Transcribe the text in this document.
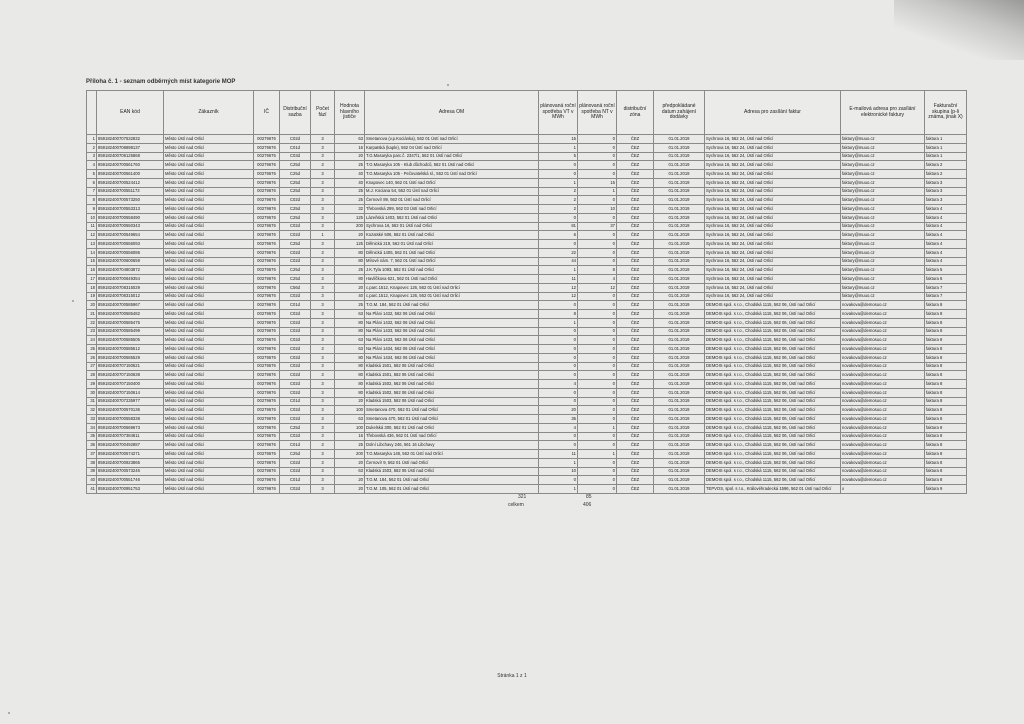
Příloha č. 1 - seznam odběrných míst kategorie MOP
	EAN kód	Zákazník	IČ	Distribuční sazba	Počet fází	Hodnota hlavního jističe	Adresa OM	plánovaná roční spotřeba VT v MWh	plánovaná roční spotřeba NT v MWh	distribuční zóna	předpokládané datum zahájení dodávky	Adresa pro zasílání faktur	E-mailová adresa pro zasílání elektronické faktury	Fakturační skupina (p-li známa, jinak X)
1	859182400707532832	Město Ústí nad Orlicí	00279676	C02d	3	63	Smetanova (v.p.Kociánka), 562 01 Ústí nad Orlicí	15	0	ČEZ	01.01.2019	Sychrova 16, 562 24, Ústí nad Orlicí	faktury@muuo.cz	faktura 1
2	859182400708898137	Město Ústí nad Orlicí	00279676	C01d	3	16	Karpatská (kaple), 562 04 Ústí nad Orlicí	1	0	ČEZ	01.01.2019	Sychrova 16, 562 24, Ústí nad Orlicí	faktury@muuo.cz	faktura 1
3	859182400708125868	Město Ústí nad Orlicí	00279676	C03d	3	20	T.G.Masaryka parc.č. 2347/1, 562 01 Ústí nad Orlicí	5	0	ČEZ	01.01.2019	Sychrova 16, 562 24, Ústí nad Orlicí	faktury@muuo.cz	faktura 1
4	859182400700561760	Město Ústí nad Orlicí	00279676	C25d	3	25	T.G.Masaryka 105 - Klub důchodců, 562 01 Ústí nad Orlicí	0	0	ČEZ	01.01.2019	Sychrova 16, 562 24, Ústí nad Orlicí	faktury@muuo.cz	faktura 2
5	859182400700561400	Město Ústí nad Orlicí	00279676	C25d	3	40	T.G.Masaryka 105 - Pečovatelská sl., 562 01 Ústí nad Orlicí	0	0	ČEZ	01.01.2019	Sychrova 16, 562 24, Ústí nad Orlicí	faktury@muuo.cz	faktura 2
6	859182400700524412	Město Ústí nad Orlicí	00279676	C25d	3	40	Knapovec 140, 562 01 Ústí nad Orlicí	1	15	ČEZ	01.01.2019	Sychrova 16, 562 24, Ústí nad Orlicí	faktury@muuo.cz	faktura 3
7	859182400700551173	Město Ústí nad Orlicí	00279676	C25d	3	25	M.J. Kociana 54, 562 01 Ústí nad Orlicí	2	1	ČEZ	01.01.2019	Sychrova 16, 562 24, Ústí nad Orlicí	faktury@muuo.cz	faktura 3
8	859182400700573250	Město Ústí nad Orlicí	00279676	C02d	3	25	Černovír 89, 562 01 Ústí nad Orlicí	2	0	ČEZ	01.01.2019	Sychrova 16, 562 24, Ústí nad Orlicí	faktury@muuo.cz	faktura 3
9	859182400700553313	Město Ústí nad Orlicí	00279676	C25d	3	32	Třebovská 299, 562 03 Ústí nad Orlicí	2	10	ČEZ	01.01.2019	Sychrova 16, 562 24, Ústí nad Orlicí	faktury@muuo.cz	faktura 4
10	859182400700558490	Město Ústí nad Orlicí	00279676	C25d	3	125	Lázeňská 1403, 562 01 Ústí nad Orlicí	0	0	ČEZ	01.01.2019	Sychrova 16, 562 24, Ústí nad Orlicí	faktury@muuo.cz	faktura 4
11	859182400700550343	Město Ústí nad Orlicí	00279676	C02d	3	200	Sychrova 16, 562 01 Ústí nad Orlicí	81	37	ČEZ	01.01.2019	Sychrova 16, 562 24, Ústí nad Orlicí	faktury@muuo.cz	faktura 4
12	859182400700549654	Město Ústí nad Orlicí	00279676	C02d	1	20	Kozatské 506, 562 01 Ústí nad Orlicí	6	0	ČEZ	01.01.2019	Sychrova 16, 562 24, Ústí nad Orlicí	faktury@muuo.cz	faktura 4
13	859182400700556093	Město Ústí nad Orlicí	00279676	C25d	3	125	Dělnická 219, 562 01 Ústí nad Orlicí	0	0	ČEZ	01.01.2019	Sychrova 16, 562 24, Ústí nad Orlicí	faktury@muuo.cz	faktura 4
14	859182400700556086	Město Ústí nad Orlicí	00279676	C02d	3	80	Dělnická 1405, 562 01 Ústí nad Orlicí	22	0	ČEZ	01.01.2019	Sychrova 16, 562 24, Ústí nad Orlicí	faktury@muuo.cz	faktura 4
15	859182400700600659	Město Ústí nad Orlicí	00279676	C02d	3	80	Mírové nám. 7, 562 01 Ústí nad Orlicí	44	0	ČEZ	01.01.2019	Sychrova 16, 562 24, Ústí nad Orlicí	faktury@muuo.cz	faktura 4
16	859182400704803872	Město Ústí nad Orlicí	00279676	C25d	3	25	J.K.Tyla 1093, 562 01 Ústí nad Orlicí	1	8	ČEZ	01.01.2019	Sychrova 16, 562 24, Ústí nad Orlicí	faktury@muuo.cz	faktura 5
17	859182400700649354	Město Ústí nad Orlicí	00279676	C25d	3	80	Havlíčkova 621, 562 01 Ústí nad Orlicí	11	4	ČEZ	01.01.2019	Sychrova 16, 562 24, Ústí nad Orlicí	faktury@muuo.cz	faktura 6
18	859182400708315029	Město Ústí nad Orlicí	00279676	C56d	3	20	c.parc.1512, Knapovec 126, 562 01 Ústí nad Orlicí	12	12	ČEZ	01.01.2019	Sychrova 16, 562 24, Ústí nad Orlicí	faktury@muuo.cz	faktura 7
19	859182400708315012	Město Ústí nad Orlicí	00279676	C02d	3	40	c.parc.1512, Knapovec 126, 562 01 Ústí nad Orlicí	12	0	ČEZ	01.01.2019	Sychrova 16, 562 24, Ústí nad Orlicí	faktury@muuo.cz	faktura 7
20	859182400700585967	Město Ústí nad Orlicí	00279676	C01d	3	25	T.G.M. 184, 562 01 Ústí nad Orlicí	0	0	ČEZ	01.01.2019	DEMOIS spol. s r.o., Chodská 1115, 562 06, Ústí nad Orlicí	novakova@demosuo.cz	faktura 8
21	859182400700585482	Město Ústí nad Orlicí	00279676	C02d	3	63	Na Pláni 1432, 562 06 Ústí nad Orlicí	8	0	ČEZ	01.01.2019	DEMOIS spol. s r.o., Chodská 1115, 562 06, Ústí nad Orlicí	novakova@demosuo.cz	faktura 8
22	859182400700585475	Město Ústí nad Orlicí	00279676	C02d	3	80	Na Pláni 1432, 562 06 Ústí nad Orlicí	1	0	ČEZ	01.01.2019	DEMOIS spol. s r.o., Chodská 1115, 562 06, Ústí nad Orlicí	novakova@demosuo.cz	faktura 8
23	859182400700585499	Město Ústí nad Orlicí	00279676	C02d	3	80	Na Pláni 1433, 562 06 Ústí nad Orlicí	0	0	ČEZ	01.01.2019	DEMOIS spol. s r.o., Chodská 1115, 562 06, Ústí nad Orlicí	novakova@demosuo.cz	faktura 8
24	859182400700585505	Město Ústí nad Orlicí	00279676	C02d	3	63	Na Pláni 1433, 562 06 Ústí nad Orlicí	0	0	ČEZ	01.01.2019	DEMOIS spol. s r.o., Chodská 1115, 562 06, Ústí nad Orlicí	novakova@demosuo.cz	faktura 8
25	859182400700585512	Město Ústí nad Orlicí	00279676	C02d	3	63	Na Pláni 1434, 562 06 Ústí nad Orlicí	0	0	ČEZ	01.01.2019	DEMOIS spol. s r.o., Chodská 1115, 562 06, Ústí nad Orlicí	novakova@demosuo.cz	faktura 8
26	859182400700585529	Město Ústí nad Orlicí	00279676	C02d	3	80	Na Pláni 1434, 562 06 Ústí nad Orlicí	0	0	ČEZ	01.01.2019	DEMOIS spol. s r.o., Chodská 1115, 562 06, Ústí nad Orlicí	novakova@demosuo.cz	faktura 8
27	859182400707150621	Město Ústí nad Orlicí	00279676	C02d	3	80	Kladská 1501, 562 06 Ústí nad Orlicí	0	0	ČEZ	01.01.2019	DEMOIS spol. s r.o., Chodská 1115, 562 06, Ústí nad Orlicí	novakova@demosuo.cz	faktura 8
28	859182400707150638	Město Ústí nad Orlicí	00279676	C02d	3	80	Kladská 1501, 562 06 Ústí nad Orlicí	0	0	ČEZ	01.01.2019	DEMOIS spol. s r.o., Chodská 1115, 562 06, Ústí nad Orlicí	novakova@demosuo.cz	faktura 8
29	859182400707150400	Město Ústí nad Orlicí	00279676	C02d	3	80	Kladská 1502, 562 06 Ústí nad Orlicí	4	0	ČEZ	01.01.2019	DEMOIS spol. s r.o., Chodská 1115, 562 06, Ústí nad Orlicí	novakova@demosuo.cz	faktura 8
30	859182400707150614	Město Ústí nad Orlicí	00279676	C02d	3	80	Kladská 1502, 562 06 Ústí nad Orlicí	0	0	ČEZ	01.01.2019	DEMOIS spol. s r.o., Chodská 1115, 562 06, Ústí nad Orlicí	novakova@demosuo.cz	faktura 8
31	859182400707235977	Město Ústí nad Orlicí	00279676	C01d	3	20	Kladská 1503, 562 06 Ústí nad Orlicí	0	0	ČEZ	01.01.2019	DEMOIS spol. s r.o., Chodská 1115, 562 06, Ústí nad Orlicí	novakova@demosuo.cz	faktura 8
32	859182400700570136	Město Ústí nad Orlicí	00279676	C02d	3	100	Smetanova 470, 562 01 Ústí nad Orlicí	20	0	ČEZ	01.01.2019	DEMOIS spol. s r.o., Chodská 1115, 562 06, Ústí nad Orlicí	novakova@demosuo.cz	faktura 8
33	859182400700558338	Město Ústí nad Orlicí	00279676	C02d	3	63	Smetanova 470, 562 01 Ústí nad Orlicí	35	0	ČEZ	01.01.2019	DEMOIS spol. s r.o., Chodská 1115, 562 06, Ústí nad Orlicí	novakova@demosuo.cz	faktura 8
34	859182400700569673	Město Ústí nad Orlicí	00279676	C25d	3	100	Dukelská 300, 562 01 Ústí nad Orlicí	4	1	ČEZ	01.01.2019	DEMOIS spol. s r.o., Chodská 1115, 562 06, Ústí nad Orlicí	novakova@demosuo.cz	faktura 8
35	859182400707384811	Město Ústí nad Orlicí	00279676	C02d	3	16	Třebovská 436, 562 01 Ústí nad Orlicí	0	0	ČEZ	01.01.2019	DEMOIS spol. s r.o., Chodská 1115, 562 06, Ústí nad Orlicí	novakova@demosuo.cz	faktura 8
36	859182400700492887	Město Ústí nad Orlicí	00279676	C01d	3	25	Dolní Libchavy 246, 561 16 Libchavy	0	0	ČEZ	01.01.2019	DEMOIS spol. s r.o., Chodská 1115, 562 06, Ústí nad Orlicí	novakova@demosuo.cz	faktura 8
37	859182400700574271	Město Ústí nad Orlicí	00279676	C25d	3	200	T.G.Masaryka 148, 562 01 Ústí nad Orlicí	11	1	ČEZ	01.01.2019	DEMOIS spol. s r.o., Chodská 1115, 562 06, Ústí nad Orlicí	novakova@demosuo.cz	faktura 8
38	859182400700923865	Město Ústí nad Orlicí	00279676	C02d	3	20	Černovír 9, 562 01 Ústí nad Orlicí	1	0	ČEZ	01.01.2019	DEMOIS spol. s r.o., Chodská 1115, 562 06, Ústí nad Orlicí	novakova@demosuo.cz	faktura 8
39	859182400700573246	Město Ústí nad Orlicí	00279676	C02d	3	63	Kladská 1503, 562 06 Ústí nad Orlicí	10	0	ČEZ	01.01.2019	DEMOIS spol. s r.o., Chodská 1115, 562 06, Ústí nad Orlicí	novakova@demosuo.cz	faktura 8
40	859182400700551746	Město Ústí nad Orlicí	00279676	C01d	3	20	T.G.M. 184, 562 01 Ústí nad Orlicí	0	0	ČEZ	01.01.2019	DEMOIS spol. s r.o., Chodská 1115, 562 06, Ústí nad Orlicí	novakova@demosuo.cz	faktura 8
41	859182400700951753	Město Ústí nad Orlicí	00279676	C02d	3	20	T.G.M. 105, 562 01 Ústí nad Orlicí	1	0	ČEZ	01.01.2019	TEPVOS, spol. s r.o., Královéhradecká 1596, 562 01 Ústí nad Orlicí	x	faktura 9
321	85
celkem	406
Stránka 1 z 1
